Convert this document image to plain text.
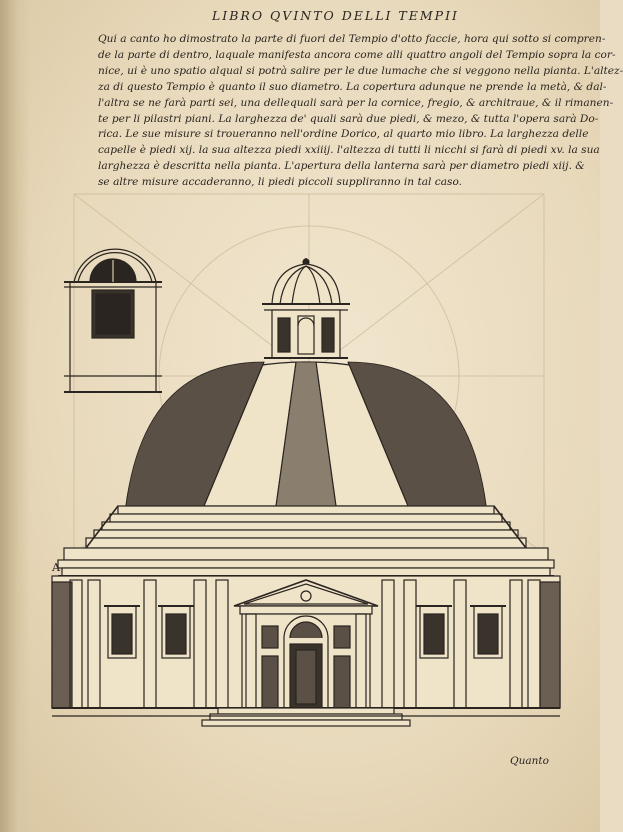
LIBRO QVINTO DELLI TEMPII
Qui a canto ho dimostrato la parte di fuori del Tempio d'otto faccie, hora qui sotto si compren-
de la parte di dentro, laquale manifesta ancora come alli quattro angoli del Tempio sopra la cor-
nice, ui è uno spatio alqual si potrà salire per le due lumache che si veggono nella pianta. L'altez-
za di questo Tempio è quanto il suo diametro. La copertura adunque ne prende la metà, & dal-
l'altra se ne farà parti sei, una dellequali sarà per la cornice, fregio, & architraue, & il rimanen-
te per li pilastri piani. La larghezza de' quali sarà due piedi, & mezo, & tutta l'opera sarà Do-
rica. Le sue misure si troueranno nell'ordine Dorico, al quarto mio libro. La larghezza delle
capelle è piedi xij. la sua altezza piedi xxiiij. l'altezza di tutti li nicchi si farà di piedi xv. la sua
larghezza è descritta nella pianta. L'apertura della lanterna sarà per diametro piedi xiij. &
se altre misure accaderanno, li piedi piccoli suppliranno in tal caso.
A
Quanto
